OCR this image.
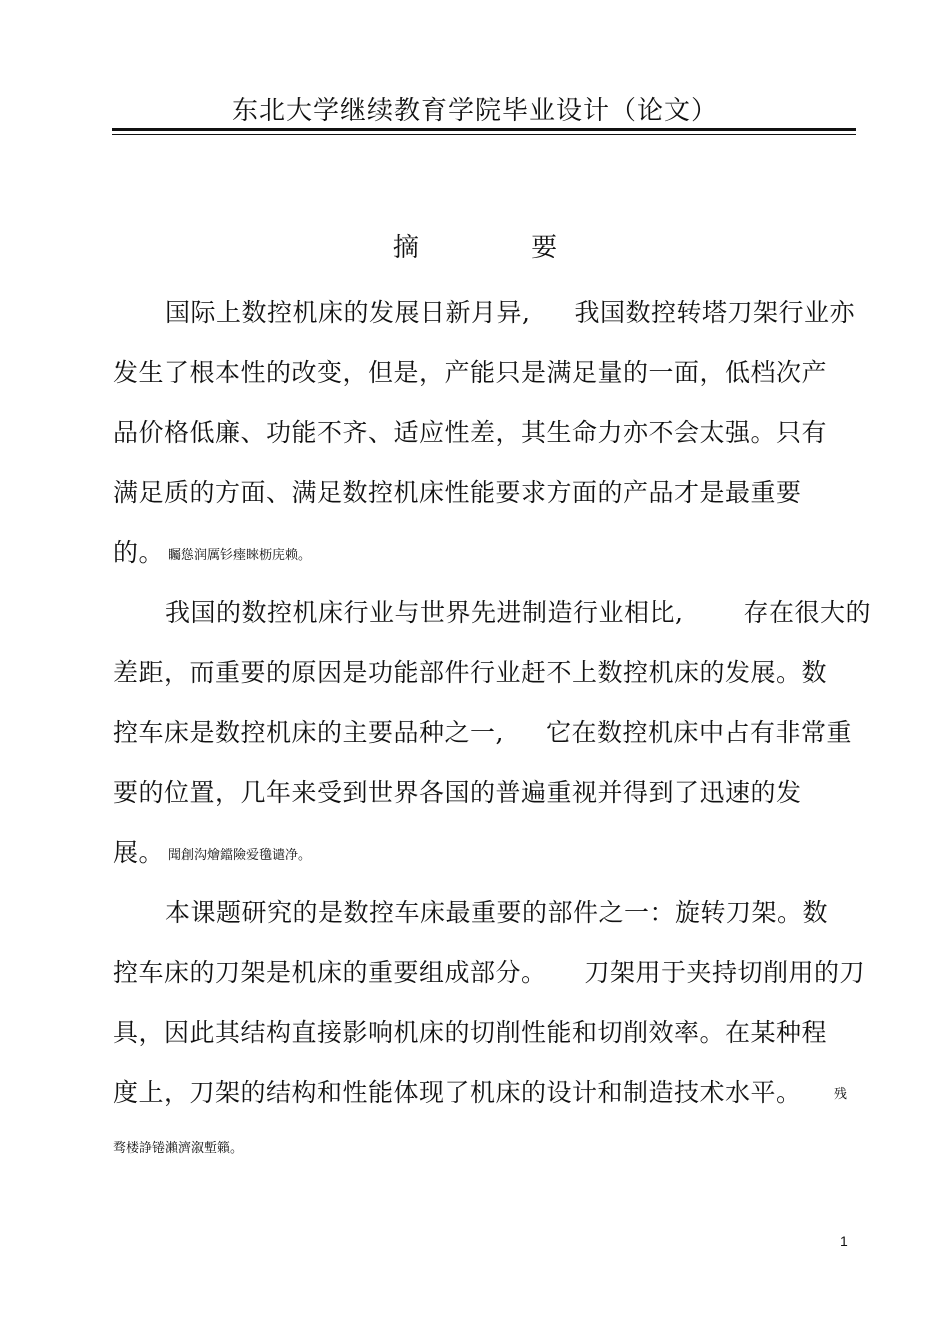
东北大学继续教育学院毕业设计（论文）
摘 要
国际上数控机床的发展日新月异, 我国数控转塔刀架行业亦
发生了根本性的改变，但是，产能只是满足量的一面，低档次产
品价格低廉、功能不齐、适应性差，其生命力亦不会太强。只有
满足质的方面、满足数控机床性能要求方面的产品才是最重要
的。 矚慫润厲钐瘗睞枥庑赖。
我国的数控机床行业与世界先进制造行业相比, 存在很大的
差距，而重要的原因是功能部件行业赶不上数控机床的发展。数
控车床是数控机床的主要品种之一, 它在数控机床中占有非常重
要的位置，几年来受到世界各国的普遍重视并得到了迅速的发
展。 聞創沟燴鐺險爱氇谴净。
本课题研究的是数控车床最重要的部件之一：旋转刀架。数
控车床的刀架是机床的重要组成部分。 刀架用于夹持切削用的刀
具，因此其结构直接影响机床的切削性能和切削效率。在某种程
度上，刀架的结构和性能体现了机床的设计和制造技术水平。 残
骛楼諍锩瀨濟溆塹籟。
1
